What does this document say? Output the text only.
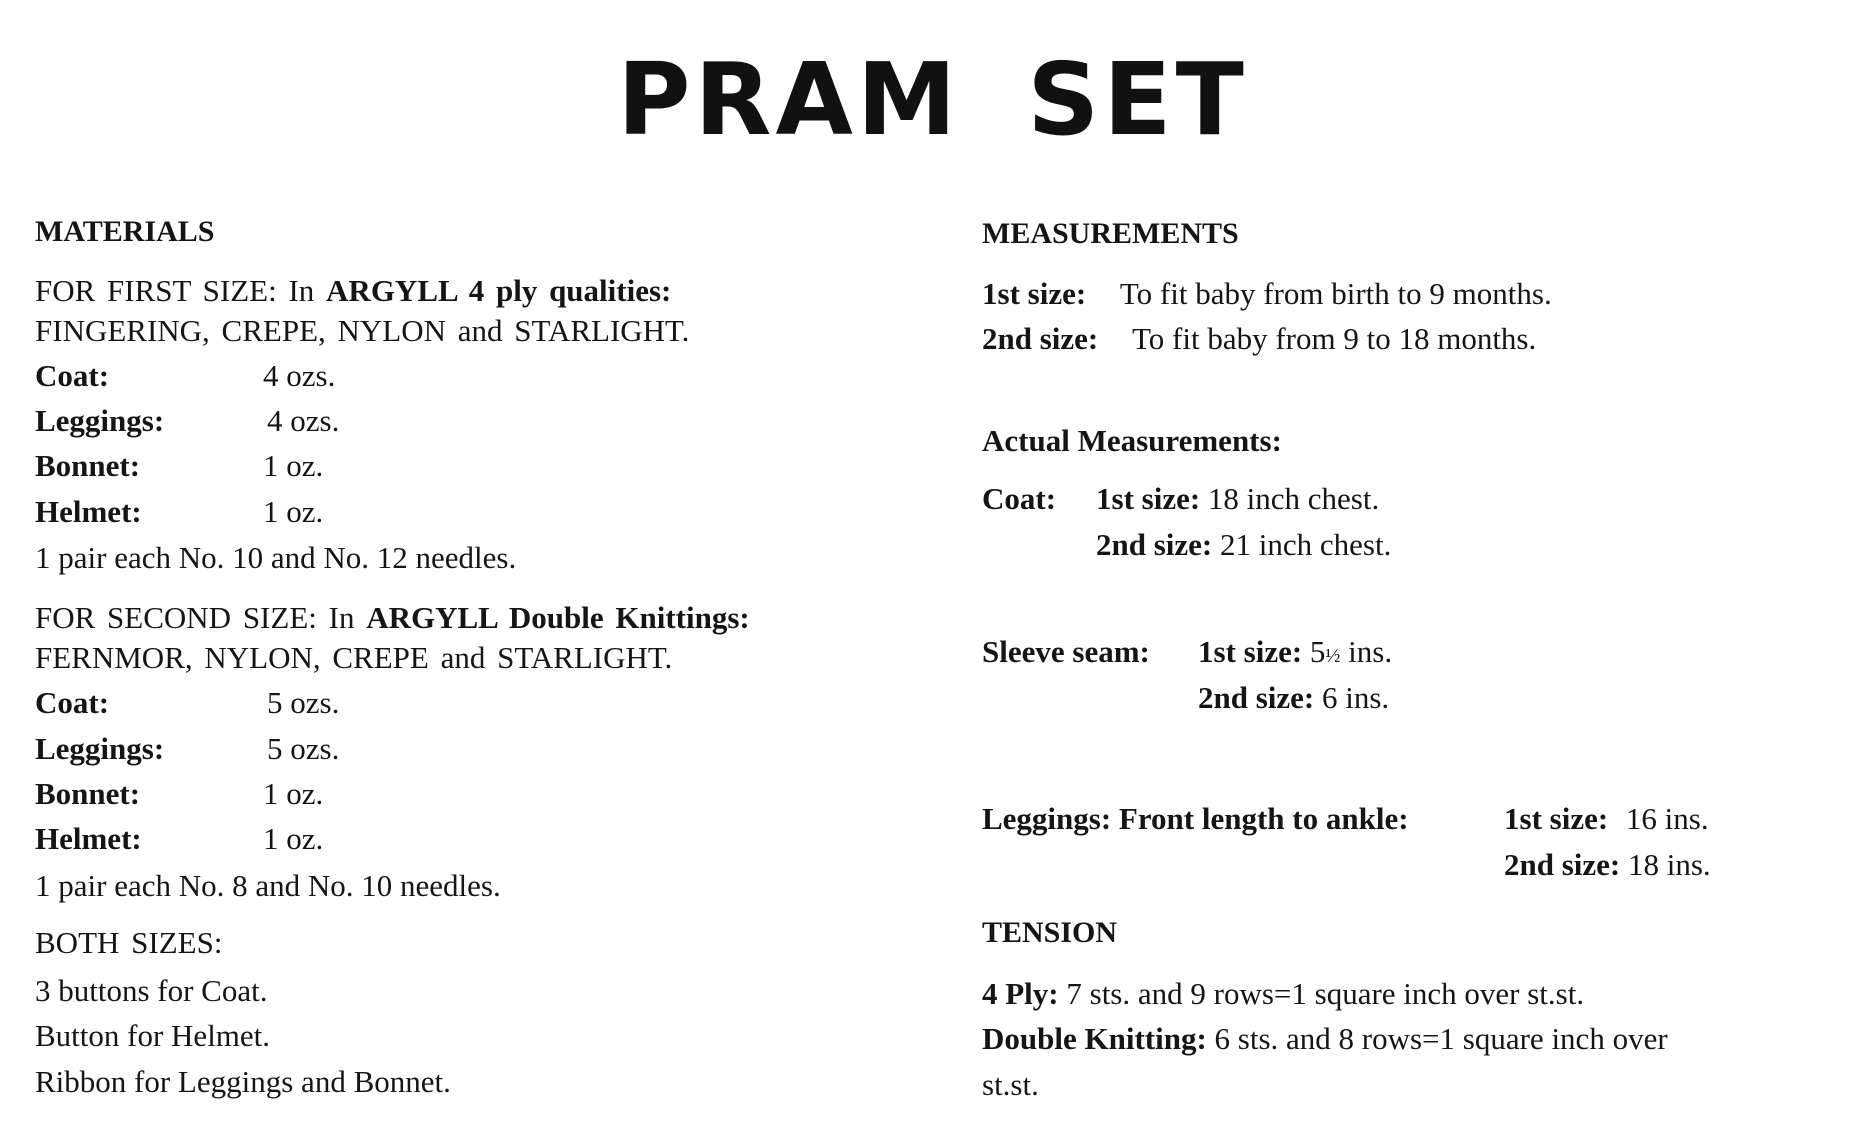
PRAM SET
MATERIALS
FOR FIRST SIZE: In ARGYLL 4 ply qualities:
FINGERING, CREPE, NYLON and STARLIGHT.
Coat:	4 ozs.
Leggings:	4 ozs.
Bonnet:	1 oz.
Helmet:	1 oz.
1 pair each No. 10 and No. 12 needles.
FOR SECOND SIZE: In ARGYLL Double Knittings:
FERNMOR, NYLON, CREPE and STARLIGHT.
Coat:	5 ozs.
Leggings:	5 ozs.
Bonnet:	1 oz.
Helmet:	1 oz.
1 pair each No. 8 and No. 10 needles.
BOTH SIZES:
3 buttons for Coat.
Button for Helmet.
Ribbon for Leggings and Bonnet.
MEASUREMENTS
1st size: To fit baby from birth to 9 months.
2nd size: To fit baby from 9 to 18 months.
Actual Measurements:
Coat: 1st size: 18 inch chest.
2nd size: 21 inch chest.
Sleeve seam: 1st size: 5½ ins.
2nd size: 6 ins.
Leggings: Front length to ankle:	1st size: 16 ins.
2nd size: 18 ins.
TENSION
4 Ply: 7 sts. and 9 rows=1 square inch over st.st.
Double Knitting: 6 sts. and 8 rows=1 square inch over
st.st.
